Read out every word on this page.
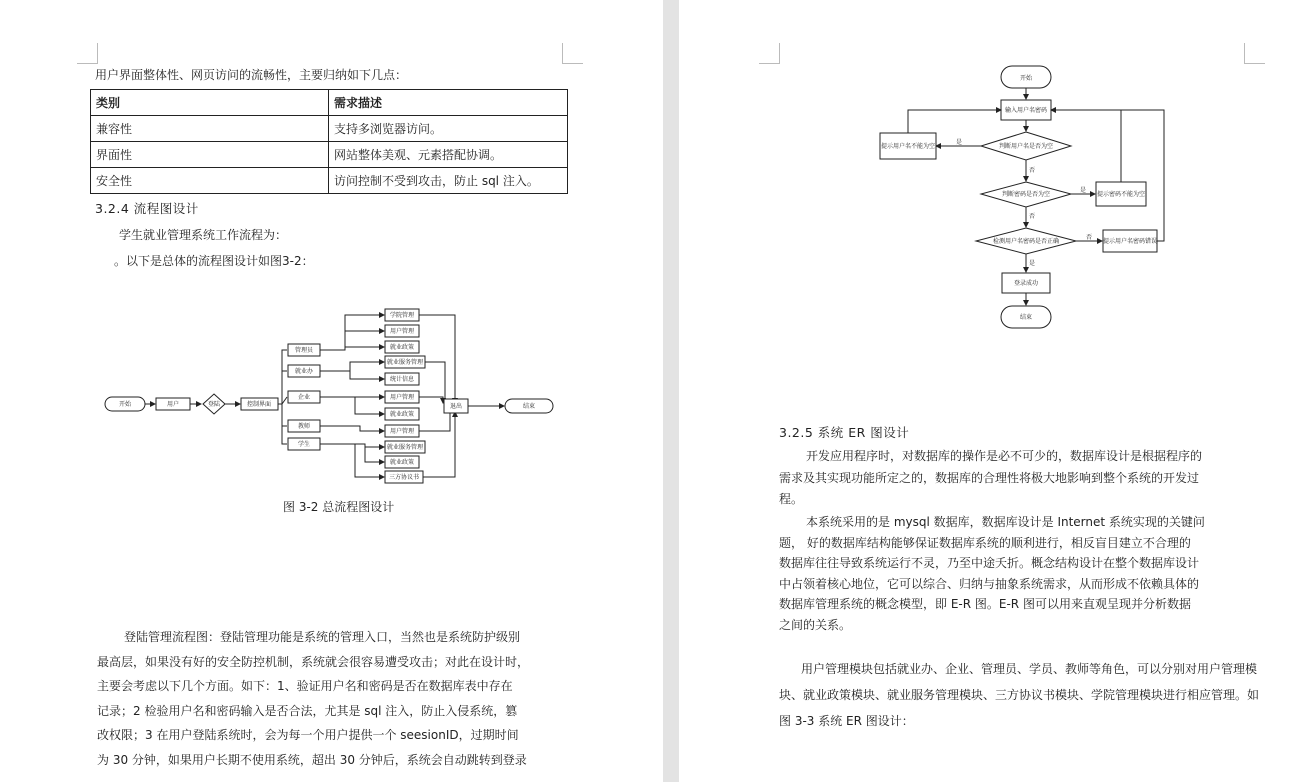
用户界面整体性、网页访问的流畅性，主要归纳如下几点：
类别	需求描述
兼容性	支持多浏览器访问。
界面性	网站整体美观、元素搭配协调。
安全性	访问控制不受到攻击，防止 sql 注入。
3.2.4 流程图设计
学生就业管理系统工作流程为：
。以下是总体的流程图设计如图3-2：
开始	用户	登陆	控制界面
管理员
就业办
企业
教师
学生
学院管理
用户管理
就业政策
就业服务管理
统计信息
用户管理
就业政策
用户管理
就业服务管理
就业政策
三方协议书
退出	结束
图 3-2 总流程图设计
登陆管理流程图：登陆管理功能是系统的管理入口，当然也是系统防护级别
最高层，如果没有好的安全防控机制，系统就会很容易遭受攻击；对此在设计时，
主要会考虑以下几个方面。如下：1、验证用户名和密码是否在数据库表中存在
记录；2 检验用户名和密码输入是否合法，尤其是 sql 注入，防止入侵系统，篡
改权限；3 在用户登陆系统时，会为每一个用户提供一个 seesionID，过期时间
为 30 分钟，如果用户长期不使用系统，超出 30 分钟后，系统会自动跳转到登录
开始
输入用户名密码
判断用户名是否为空
提示用户名不能为空
判断密码是否为空	提示密码不能为空
检测用户名密码是否正确	提示用户名密码错误
登录成功
结束
是
是
否
否
否
是
3.2.5 系统 ER 图设计
开发应用程序时，对数据库的操作是必不可少的，数据库设计是根据程序的
需求及其实现功能所定之的，数据库的合理性将极大地影响到整个系统的开发过
程。
本系统采用的是 mysql 数据库，数据库设计是 Internet 系统实现的关键问
题， 好的数据库结构能够保证数据库系统的顺利进行，相反盲目建立不合理的
数据库往往导致系统运行不灵，乃至中途夭折。概念结构设计在整个数据库设计
中占领着核心地位，它可以综合、归纳与抽象系统需求，从而形成不依赖具体的
数据库管理系统的概念模型，即 E-R 图。E-R 图可以用来直观呈现并分析数据
之间的关系。
用户管理模块包括就业办、企业、管理员、学员、教师等角色，可以分别对用户管理模
块、就业政策模块、就业服务管理模块、三方协议书模块、学院管理模块进行相应管理。如
图 3-3 系统 ER 图设计：
